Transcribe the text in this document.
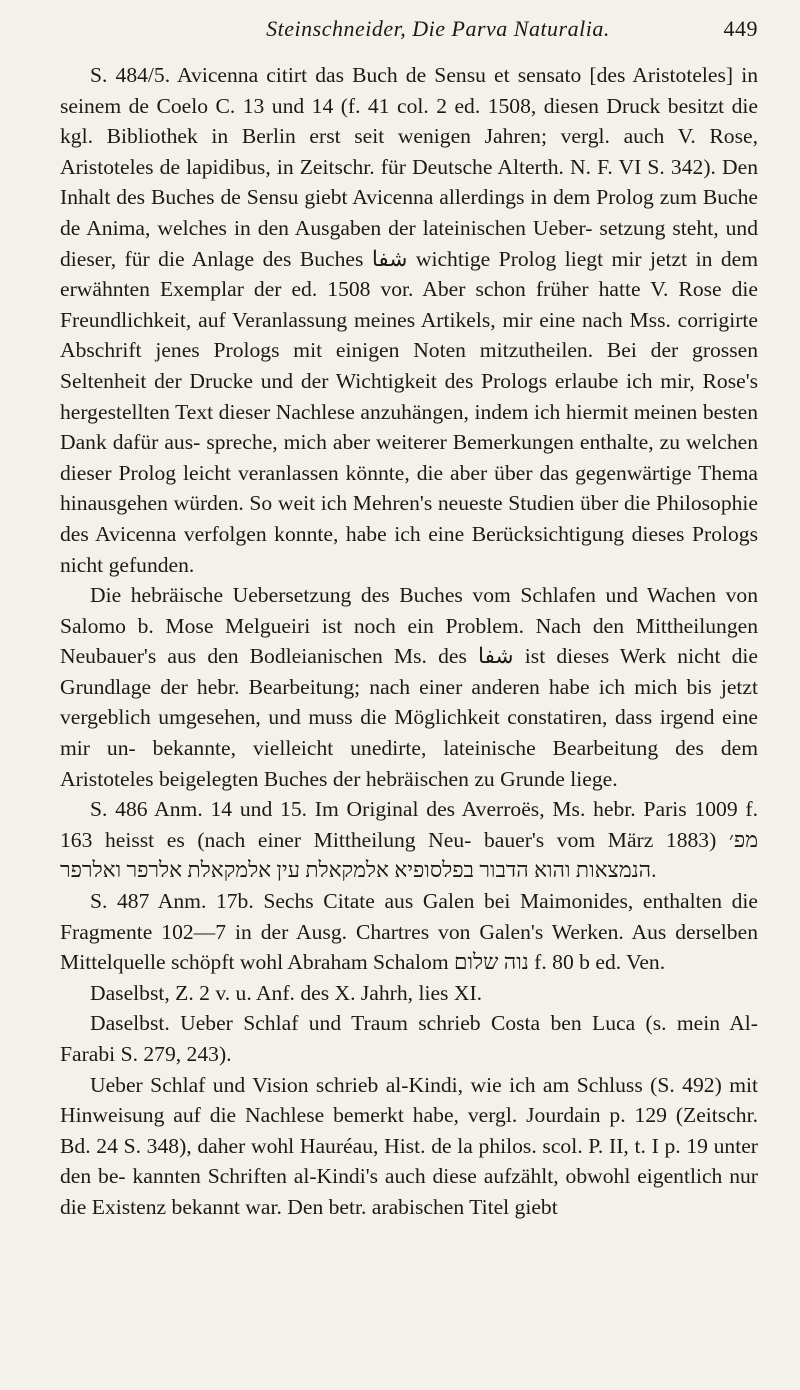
Steinschneider, Die Parva Naturalia.	449

S. 484/5. Avicenna citirt das Buch de Sensu et sensato [des Aristoteles] in seinem de Coelo C. 13 und 14 (f. 41 col. 2 ed. 1508, diesen Druck besitzt die kgl. Bibliothek in Berlin erst seit wenigen Jahren; vergl. auch V. Rose, Aristoteles de lapidibus, in Zeitschr. für Deutsche Alterth. N. F. VI S. 342). Den Inhalt des Buches de Sensu giebt Avicenna allerdings in dem Prolog zum Buche de Anima, welches in den Ausgaben der lateinischen Ueber- setzung steht, und dieser, für die Anlage des Buches شفا wichtige Prolog liegt mir jetzt in dem erwähnten Exemplar der ed. 1508 vor. Aber schon früher hatte V. Rose die Freundlichkeit, auf Veranlassung meines Artikels, mir eine nach Mss. corrigirte Abschrift jenes Prologs mit einigen Noten mitzutheilen. Bei der grossen Seltenheit der Drucke und der Wichtigkeit des Prologs erlaube ich mir, Rose's hergestellten Text dieser Nachlese anzuhängen, indem ich hiermit meinen besten Dank dafür aus- spreche, mich aber weiterer Bemerkungen enthalte, zu welchen dieser Prolog leicht veranlassen könnte, die aber über das gegenwärtige Thema hinausgehen würden. So weit ich Mehren's neueste Studien über die Philosophie des Avicenna verfolgen konnte, habe ich eine Berücksichtigung dieses Prologs nicht gefunden.

Die hebräische Uebersetzung des Buches vom Schlafen und Wachen von Salomo b. Mose Melgueiri ist noch ein Problem. Nach den Mittheilungen Neubauer's aus den Bodleianischen Ms. des شفا ist dieses Werk nicht die Grundlage der hebr. Bearbeitung; nach einer anderen habe ich mich bis jetzt vergeblich umgesehen, und muss die Möglichkeit constatiren, dass irgend eine mir un- bekannte, vielleicht unedirte, lateinische Bearbeitung des dem Aristoteles beigelegten Buches der hebräischen zu Grunde liege.

S. 486 Anm. 14 und 15. Im Original des Averroës, Ms. hebr. Paris 1009 f. 163 heisst es (nach einer Mittheilung Neu- bauer's vom März 1883) מפ׳ הנמצאות והוא הדבור בפלסופיא אלמקאלת עין אלמקאלת אלרפר ואלרפר.

S. 487 Anm. 17b. Sechs Citate aus Galen bei Maimonides, enthalten die Fragmente 102—7 in der Ausg. Chartres von Galen's Werken. Aus derselben Mittelquelle schöpft wohl Abraham Schalom נוה שלום f. 80 b ed. Ven.

Daselbst, Z. 2 v. u. Anf. des X. Jahrh, lies XI.

Daselbst. Ueber Schlaf und Traum schrieb Costa ben Luca (s. mein Al-Farabi S. 279, 243).

Ueber Schlaf und Vision schrieb al-Kindi, wie ich am Schluss (S. 492) mit Hinweisung auf die Nachlese bemerkt habe, vergl. Jourdain p. 129 (Zeitschr. Bd. 24 S. 348), daher wohl Hauréau, Hist. de la philos. scol. P. II, t. I p. 19 unter den be- kannten Schriften al-Kindi's auch diese aufzählt, obwohl eigentlich nur die Existenz bekannt war. Den betr. arabischen Titel giebt
